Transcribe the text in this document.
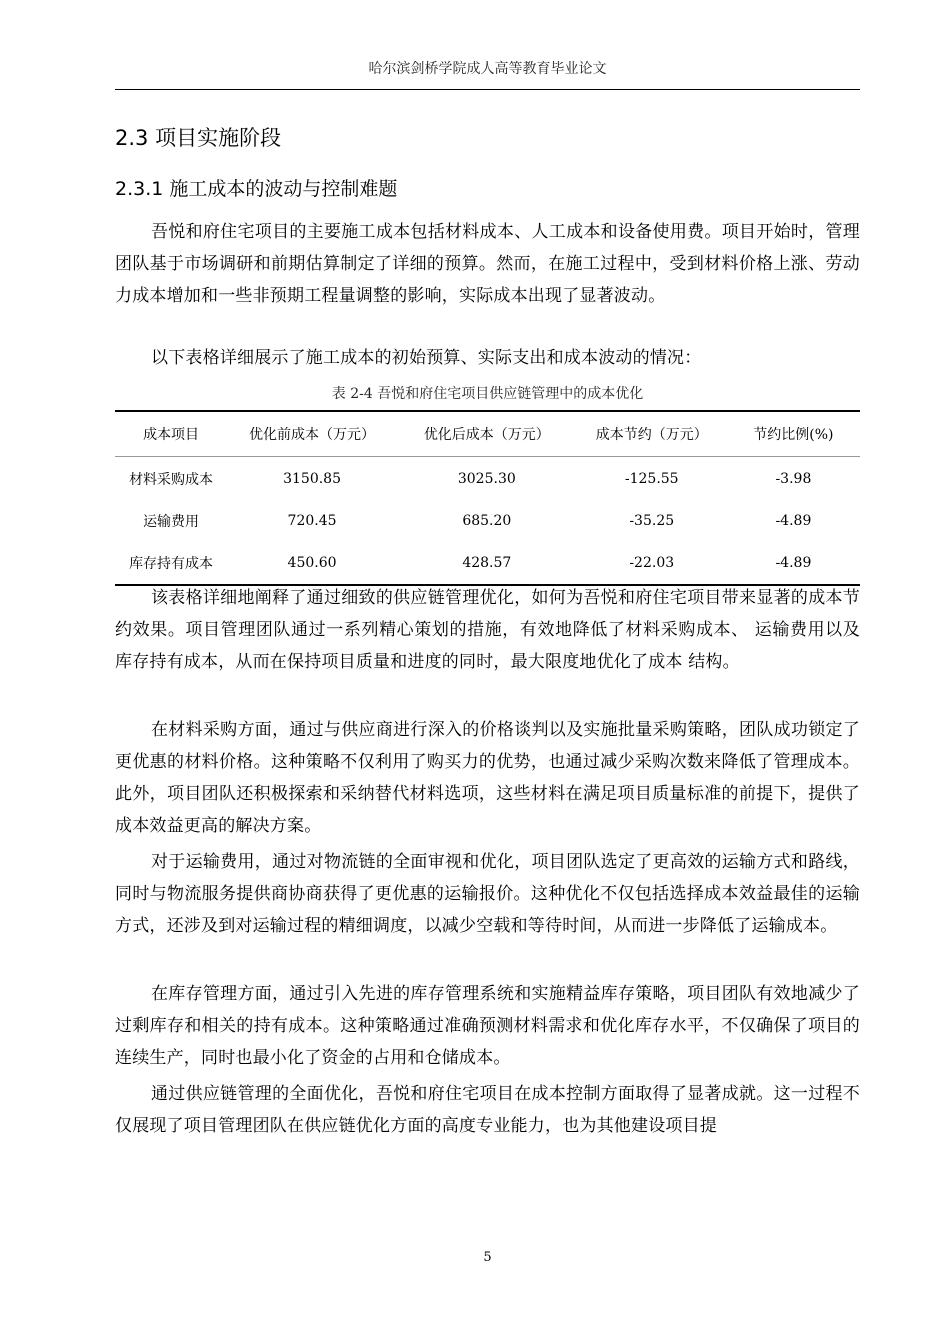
哈尔滨剑桥学院成人高等教育毕业论文
2.3 项目实施阶段
2.3.1 施工成本的波动与控制难题

吾悦和府住宅项目的主要施工成本包括材料成本、人工成本和设备使用费。项目开始时，管理团队基于市场调研和前期估算制定了详细的预算。然而，在施工过程中，受到材料价格上涨、劳动力成本增加和一些非预期工程量调整的影响，实际成本出现了显著波动。

以下表格详细展示了施工成本的初始预算、实际支出和成本波动的情况：

表 2-4 吾悦和府住宅项目供应链管理中的成本优化
成本项目	优化前成本（万元）	优化后成本（万元）	成本节约（万元）	节约比例(%)
材料采购成本	3150.85	3025.30	-125.55	-3.98
运输费用	720.45	685.20	-35.25	-4.89
库存持有成本	450.60	428.57	-22.03	-4.89

该表格详细地阐释了通过细致的供应链管理优化，如何为吾悦和府住宅项目带来显著的成本节约效果。项目管理团队通过一系列精心策划的措施，有效地降低了材料采购成本、 运输费用以及库存持有成本，从而在保持项目质量和进度的同时，最大限度地优化了成本 结构。

在材料采购方面，通过与供应商进行深入的价格谈判以及实施批量采购策略，团队成功锁定了更优惠的材料价格。这种策略不仅利用了购买力的优势，也通过减少采购次数来降低了管理成本。此外，项目团队还积极探索和采纳替代材料选项，这些材料在满足项目质量标准的前提下，提供了成本效益更高的解决方案。

对于运输费用，通过对物流链的全面审视和优化，项目团队选定了更高效的运输方式和路线，同时与物流服务提供商协商获得了更优惠的运输报价。这种优化不仅包括选择成本效益最佳的运输方式，还涉及到对运输过程的精细调度，以减少空载和等待时间，从而进一步降低了运输成本。

在库存管理方面，通过引入先进的库存管理系统和实施精益库存策略，项目团队有效地减少了过剩库存和相关的持有成本。这种策略通过准确预测材料需求和优化库存水平，不仅确保了项目的连续生产，同时也最小化了资金的占用和仓储成本。

通过供应链管理的全面优化，吾悦和府住宅项目在成本控制方面取得了显著成就。这一过程不仅展现了项目管理团队在供应链优化方面的高度专业能力，也为其他建设项目提

5
